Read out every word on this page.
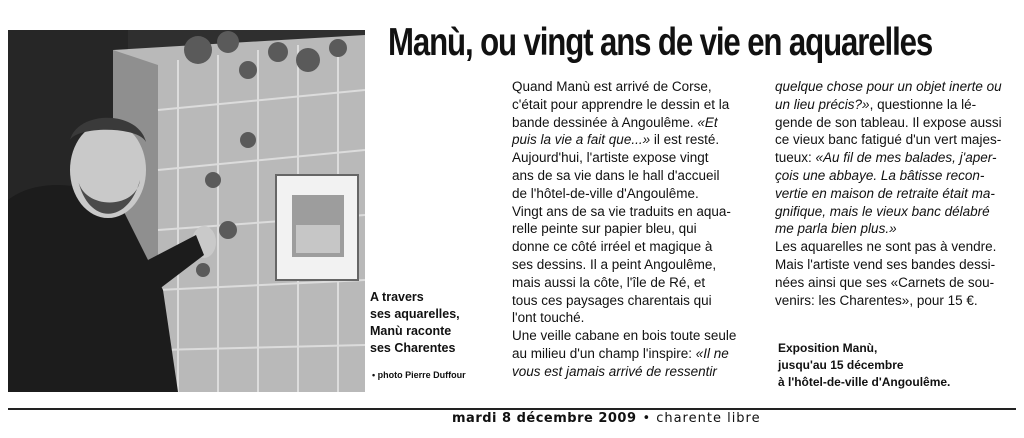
Manù, ou vingt ans de vie en aquarelles
A travers
ses aquarelles,
Manù raconte
ses Charentes
• photo Pierre Duffour
Quand Manù est arrivé de Corse,
c'était pour apprendre le dessin et la
bande dessinée à Angoulême. «Et
puis la vie a fait que...» il est resté.
Aujourd'hui, l'artiste expose vingt
ans de sa vie dans le hall d'accueil
de l'hôtel-de-ville d'Angoulême.
Vingt ans de sa vie traduits en aqua-
relle peinte sur papier bleu, qui
donne ce côté irréel et magique à
ses dessins. Il a peint Angoulême,
mais aussi la côte, l'île de Ré, et
tous ces paysages charentais qui
l'ont touché.
Une veille cabane en bois toute seule
au milieu d'un champ l'inspire: «Il ne
vous est jamais arrivé de ressentir
quelque chose pour un objet inerte ou
un lieu précis?», questionne la lé-
gende de son tableau. Il expose aussi
ce vieux banc fatigué d'un vert majes-
tueux: «Au fil de mes balades, j'aper-
çois une abbaye. La bâtisse recon-
vertie en maison de retraite était ma-
gnifique, mais le vieux banc délabré
me parla bien plus.»
Les aquarelles ne sont pas à vendre.
Mais l'artiste vend ses bandes dessi-
nées ainsi que ses «Carnets de sou-
venirs: les Charentes», pour 15 €.
Exposition Manù,
jusqu'au 15 décembre
à l'hôtel-de-ville d'Angoulême.
mardi 8 décembre 2009 • charente libre
